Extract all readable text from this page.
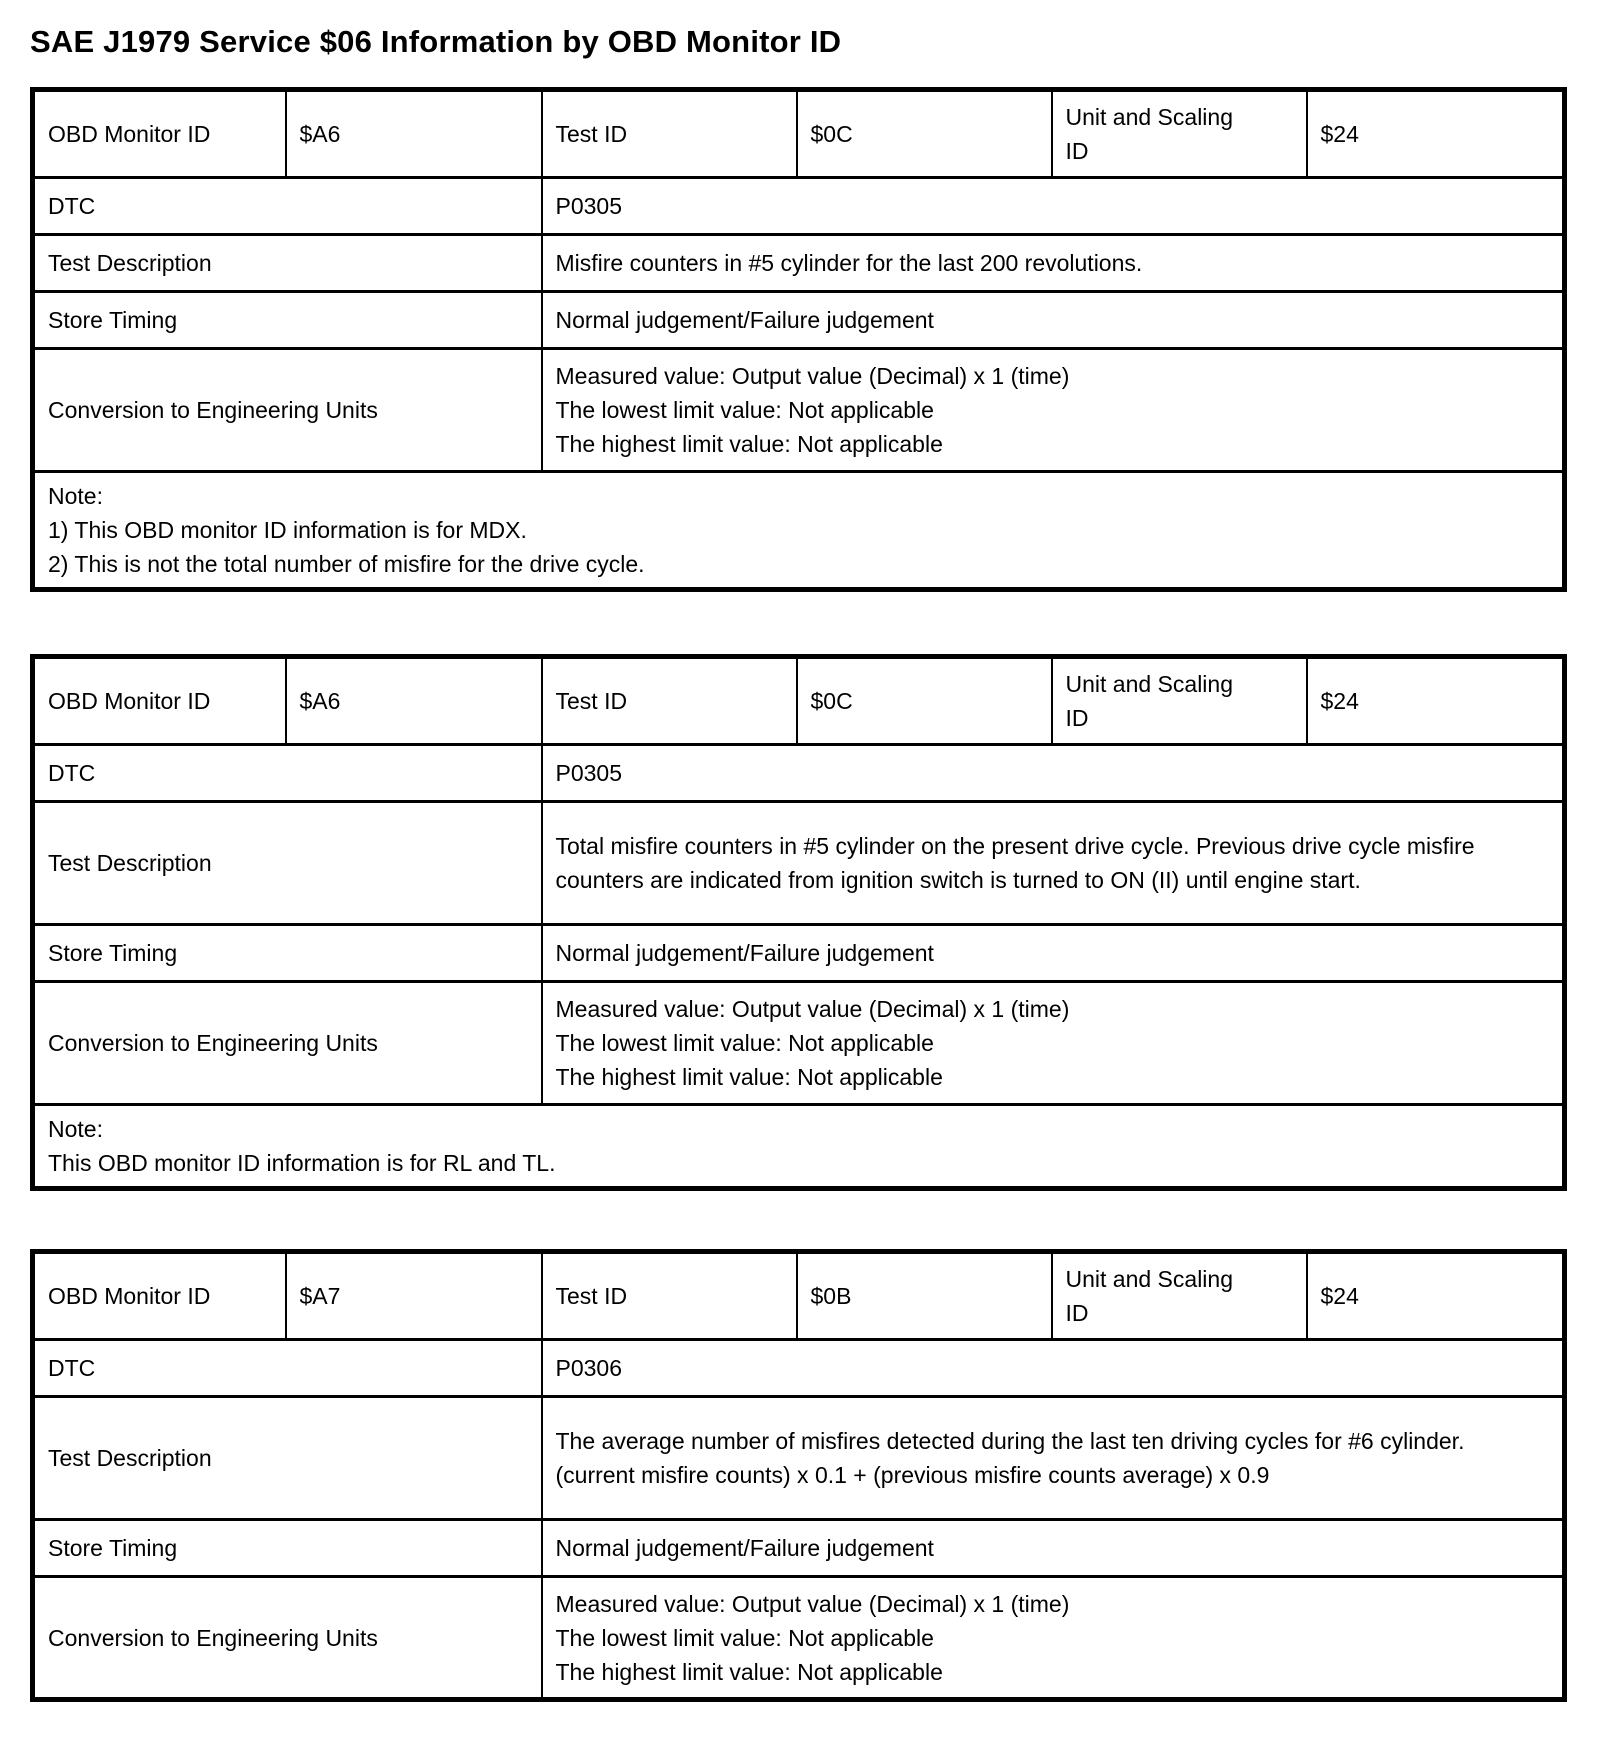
SAE J1979 Service $06 Information by OBD Monitor ID
OBD Monitor ID	$A6	Test ID	$0C	Unit and Scaling ID	$24
DTC		P0305			
Test Description		Misfire counters in #5 cylinder for the last 200 revolutions.			

Store Timing		Normal judgement/Failure judgement			
Conversion to Engineering Units		Measured value: Output value (Decimal) x 1 (time)
The lowest limit value: Not applicable
The highest limit value: Not applicable			

Note:
1) This OBD monitor ID information is for MDX.
2) This is not the total number of misfire for the drive cycle.					
OBD Monitor ID	$A6	Test ID	$0C	Unit and Scaling ID	$24
DTC		P0305			
Test Description		Total misfire counters in #5 cylinder on the present drive cycle. Previous drive cycle misfire counters are indicated from ignition switch is turned to ON (II) until engine start.			

Store Timing		Normal judgement/Failure judgement			
Conversion to Engineering Units		Measured value: Output value (Decimal) x 1 (time)
The lowest limit value: Not applicable
The highest limit value: Not applicable			

Note:
This OBD monitor ID information is for RL and TL.					
OBD Monitor ID	$A7	Test ID	$0B	Unit and Scaling ID	$24
DTC		P0306			
Test Description		The average number of misfires detected during the last ten driving cycles for #6 cylinder.
(current misfire counts) x 0.1 + (previous misfire counts average) x 0.9			

Store Timing		Normal judgement/Failure judgement			
Conversion to Engineering Units		Measured value: Output value (Decimal) x 1 (time)
The lowest limit value: Not applicable
The highest limit value: Not applicable			
